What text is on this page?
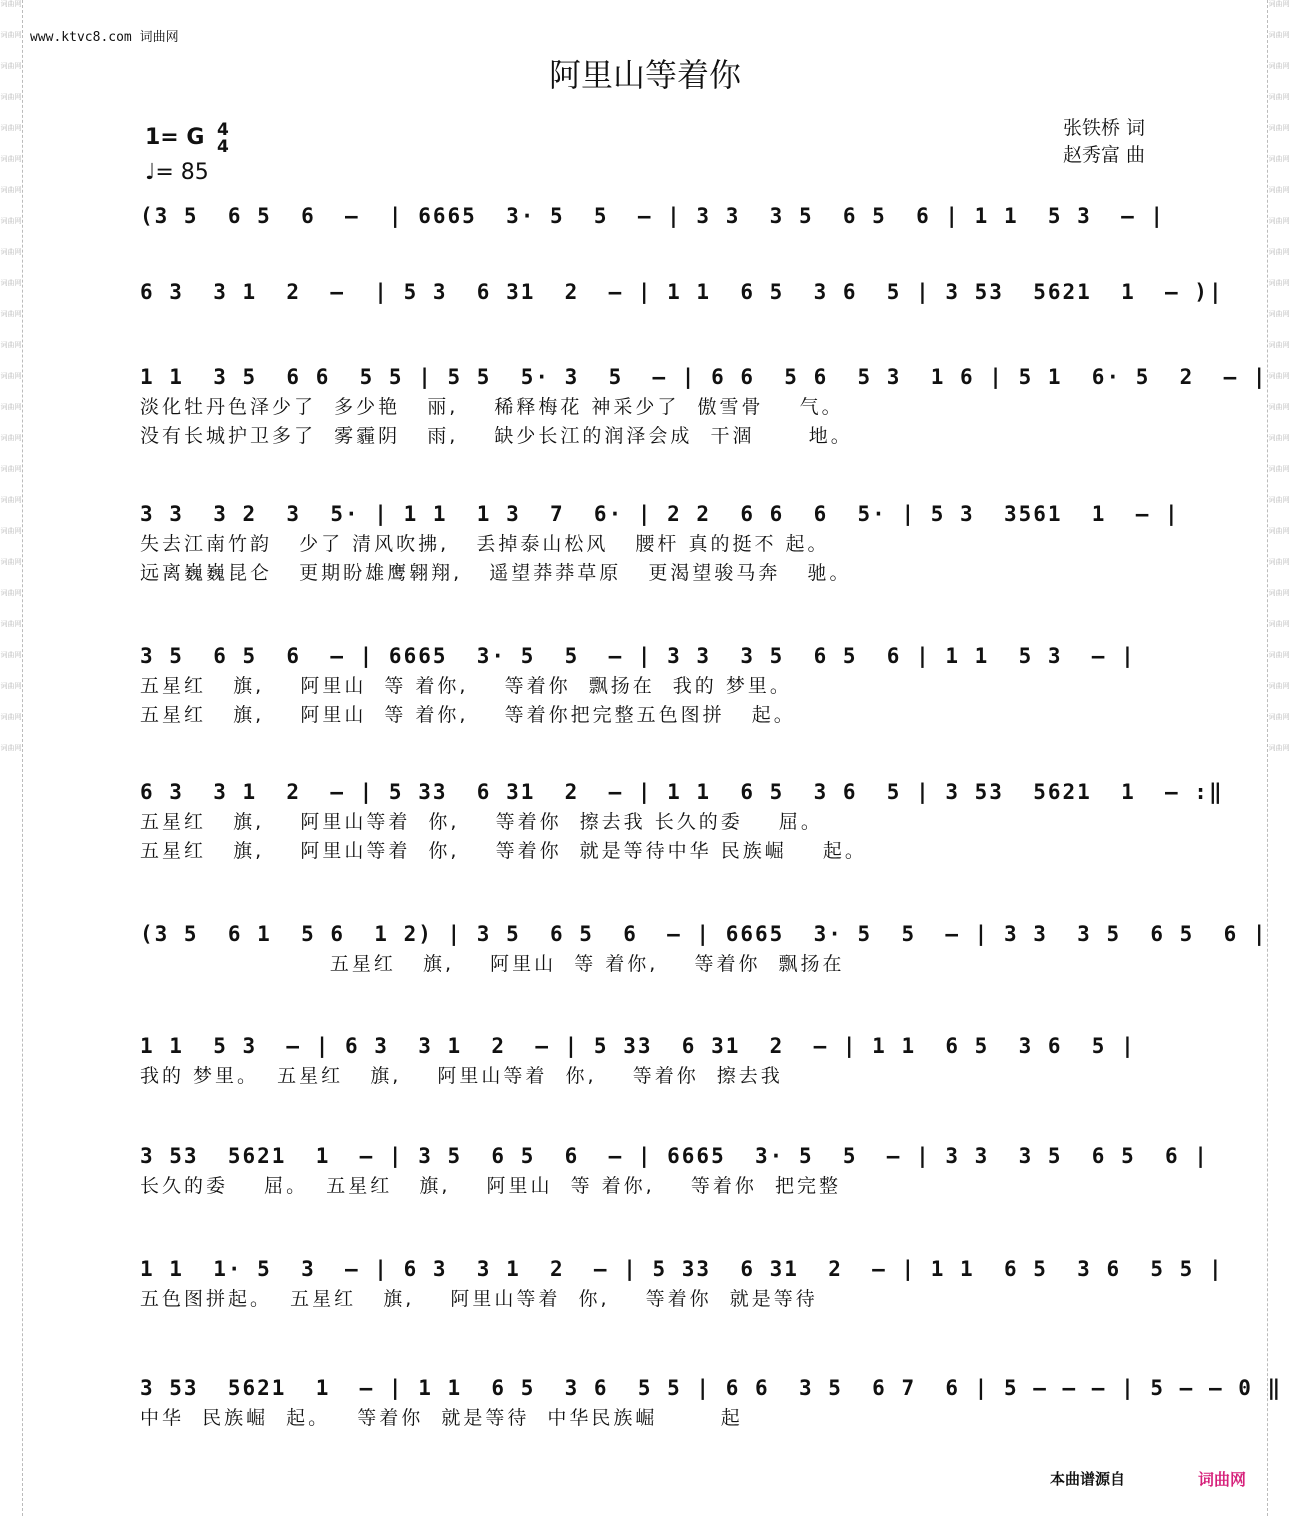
词曲网
词曲网
词曲网
词曲网
词曲网
词曲网
词曲网
词曲网
词曲网
词曲网
词曲网
词曲网
词曲网
词曲网
词曲网
词曲网
词曲网
词曲网
词曲网
词曲网
词曲网
词曲网
词曲网
词曲网
词曲网
词曲网
词曲网
词曲网
词曲网
词曲网
词曲网
词曲网
词曲网
词曲网
词曲网
词曲网
词曲网
词曲网
词曲网
词曲网
词曲网
词曲网
词曲网
词曲网
词曲网
词曲网
词曲网
词曲网
词曲网
词曲网
www.ktvc8.com 词曲网
阿里山等着你
张铁桥 词
赵秀富 曲
1= G 4
4
♩= 85
(3 5  6 5  6  –  | 6665  3· 5  5  – | 3 3  3 5  6 5  6 | 1 1  5 3  – |
6 3  3 1  2  –  | 5 3  6 31  2  – | 1 1  6 5  3 6  5 | 3 53  5621  1  – )|
1 1  3 5  6 6  5 5 | 5 5  5· 3  5  – | 6 6  5 6  5 3  1 6 | 5 1  6· 5  2  – |
淡化牡丹色泽少了  多少艳   丽,    稀释梅花 神采少了  傲雪骨    气。
没有长城护卫多了  雾霾阴   雨,    缺少长江的润泽会成  干涸      地。
3 3  3 2  3  5· | 1 1  1 3  7  6· | 2 2  6 6  6  5· | 5 3  3561  1  – |
失去江南竹韵   少了 清风吹拂,   丢掉泰山松风   腰杆 真的挺不 起。
远离巍巍昆仑   更期盼雄鹰翱翔,   遥望莽莽草原   更渴望骏马奔   驰。
3 5  6 5  6  – | 6665  3· 5  5  – | 3 3  3 5  6 5  6 | 1 1  5 3  – |
五星红   旗,    阿里山  等 着你,    等着你  飘扬在  我的 梦里。
五星红   旗,    阿里山  等 着你,    等着你把完整五色图拼   起。
6 3  3 1  2  – | 5 33  6 31  2  – | 1 1  6 5  3 6  5 | 3 53  5621  1  – :‖
五星红   旗,    阿里山等着  你,    等着你  擦去我 长久的委    屈。
五星红   旗,    阿里山等着  你,    等着你  就是等待中华 民族崛    起。
(3 5  6 1  5 6  1 2) | 3 5  6 5  6  – | 6665  3· 5  5  – | 3 3  3 5  6 5  6 |
五星红   旗,    阿里山  等 着你,    等着你  飘扬在
1 1  5 3  – | 6 3  3 1  2  – | 5 33  6 31  2  – | 1 1  6 5  3 6  5 |
我的 梦里。  五星红   旗,    阿里山等着  你,    等着你  擦去我
3 53  5621  1  – | 3 5  6 5  6  – | 6665  3· 5  5  – | 3 3  3 5  6 5  6 |
长久的委    屈。  五星红   旗,    阿里山  等 着你,    等着你  把完整
1 1  1· 5  3  – | 6 3  3 1  2  – | 5 33  6 31  2  – | 1 1  6 5  3 6  5 5 |
五色图拼起。  五星红   旗,    阿里山等着  你,    等着你  就是等待
3 53  5621  1  – | 1 1  6 5  3 6  5 5 | 6 6  3 5  6 7  6 | 5 – – – | 5 – – 0 ‖
中华  民族崛  起。   等着你  就是等待  中华民族崛       起
本曲谱源自	词曲网
